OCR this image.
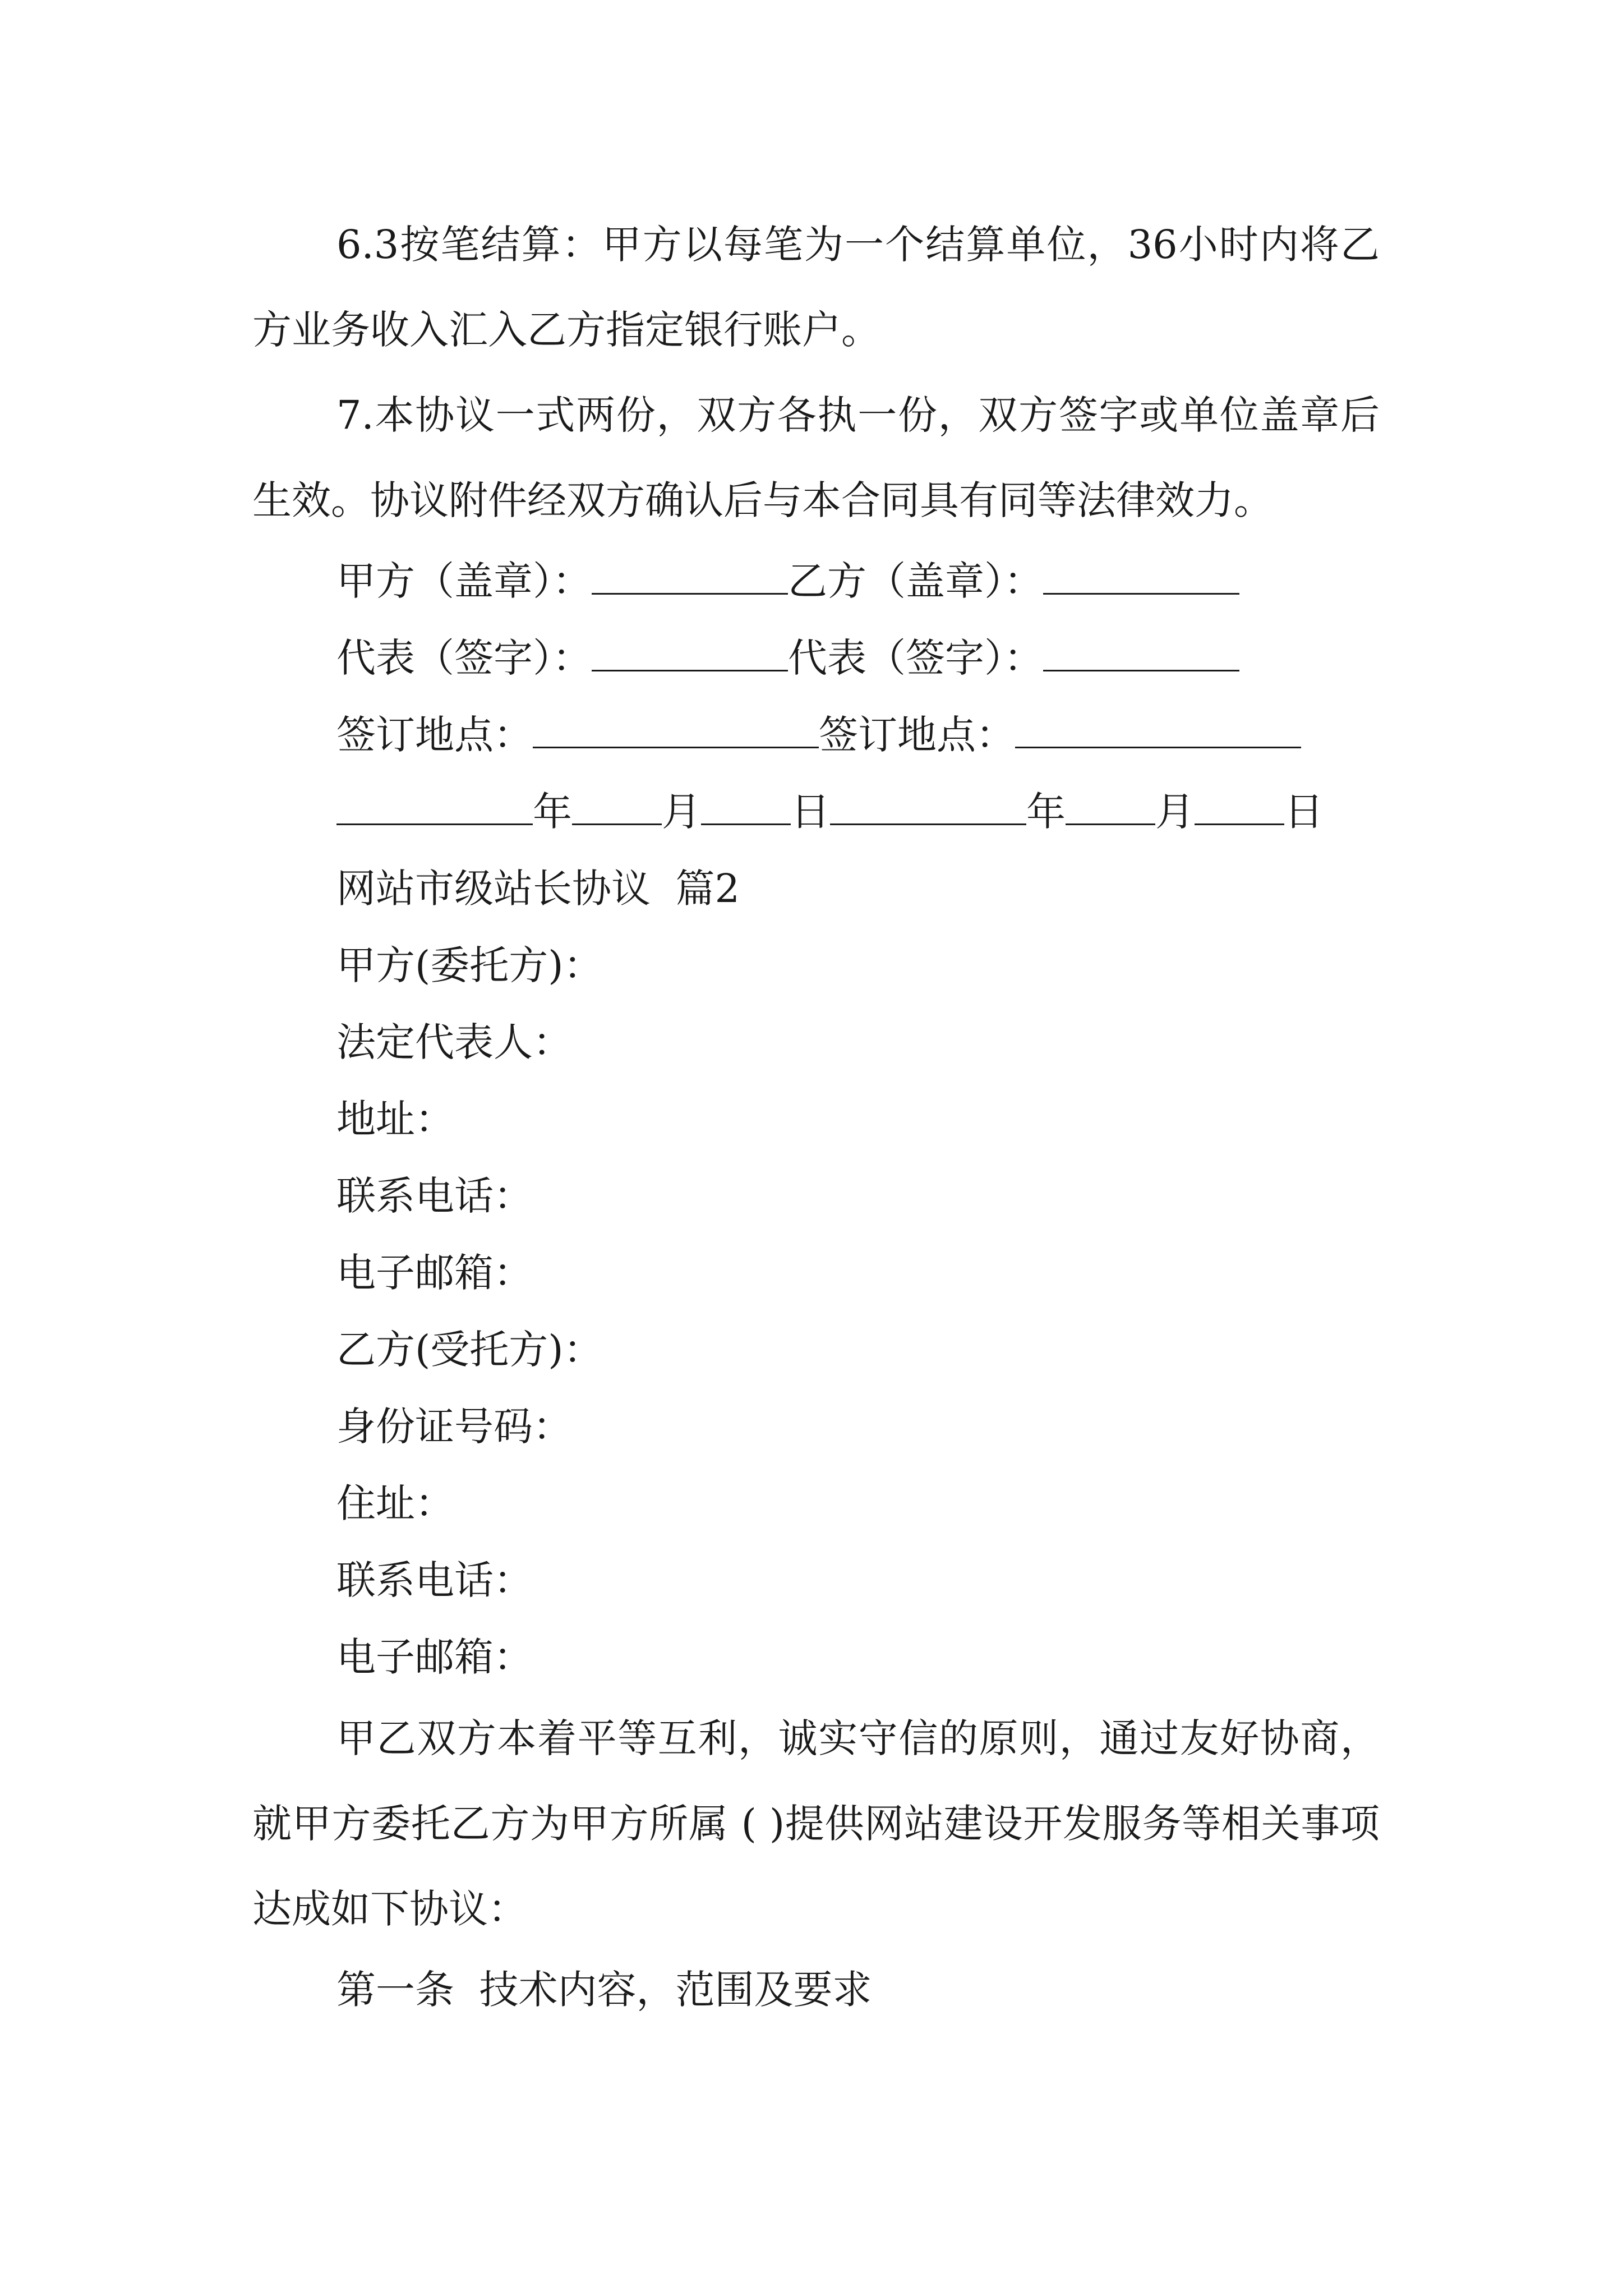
6.3按笔结算：甲方以每笔为一个结算单位，36小时内将乙方业务收入汇入乙方指定银行账户。

7.本协议一式两份，双方各执一份，双方签字或单位盖章后生效。协议附件经双方确认后与本合同具有同等法律效力。

甲方（盖章）：	乙方（盖章）：

代表（签字）：	代表（签字）：

签订地点：	签订地点：

年 月 日	年 月 日

网站市级站长协议  篇2

甲方(委托方)：

法定代表人：

地址：

联系电话：

电子邮箱：

乙方(受托方)：

身份证号码：

住址：

联系电话：

电子邮箱：

甲乙双方本着平等互利，诚实守信的原则，通过友好协商，就甲方委托乙方为甲方所属 ( )提供网站建设开发服务等相关事项达成如下协议：

第一条  技术内容，范围及要求
